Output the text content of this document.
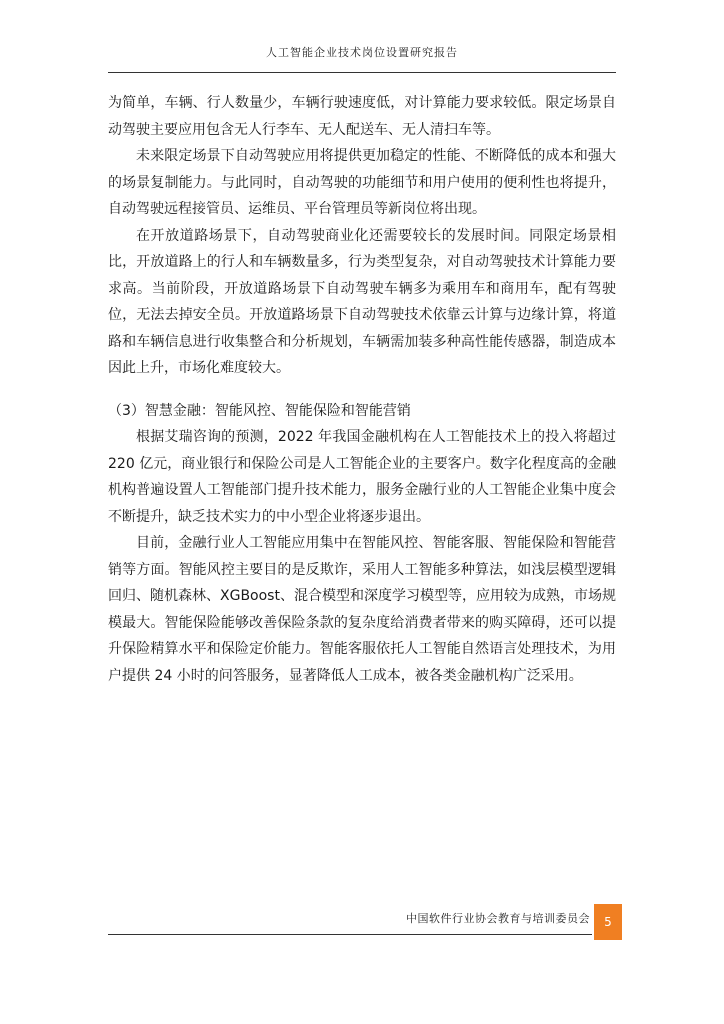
人工智能企业技术岗位设置研究报告

为简单，车辆、行人数量少，车辆行驶速度低，对计算能力要求较低。限定场景自动驾驶主要应用包含无人行李车、无人配送车、无人清扫车等。

未来限定场景下自动驾驶应用将提供更加稳定的性能、不断降低的成本和强大的场景复制能力。与此同时，自动驾驶的功能细节和用户使用的便利性也将提升，自动驾驶远程接管员、运维员、平台管理员等新岗位将出现。

在开放道路场景下，自动驾驶商业化还需要较长的发展时间。同限定场景相比，开放道路上的行人和车辆数量多，行为类型复杂，对自动驾驶技术计算能力要求高。当前阶段，开放道路场景下自动驾驶车辆多为乘用车和商用车，配有驾驶位，无法去掉安全员。开放道路场景下自动驾驶技术依靠云计算与边缘计算，将道路和车辆信息进行收集整合和分析规划，车辆需加装多种高性能传感器，制造成本因此上升，市场化难度较大。

（3）智慧金融：智能风控、智能保险和智能营销

根据艾瑞咨询的预测，2022 年我国金融机构在人工智能技术上的投入将超过 220 亿元，商业银行和保险公司是人工智能企业的主要客户。数字化程度高的金融机构普遍设置人工智能部门提升技术能力，服务金融行业的人工智能企业集中度会不断提升，缺乏技术实力的中小型企业将逐步退出。

目前，金融行业人工智能应用集中在智能风控、智能客服、智能保险和智能营销等方面。智能风控主要目的是反欺诈，采用人工智能多种算法，如浅层模型逻辑回归、随机森林、XGBoost、混合模型和深度学习模型等，应用较为成熟，市场规模最大。智能保险能够改善保险条款的复杂度给消费者带来的购买障碍，还可以提升保险精算水平和保险定价能力。智能客服依托人工智能自然语言处理技术，为用户提供 24 小时的问答服务，显著降低人工成本，被各类金融机构广泛采用。

中国软件行业协会教育与培训委员会	5
